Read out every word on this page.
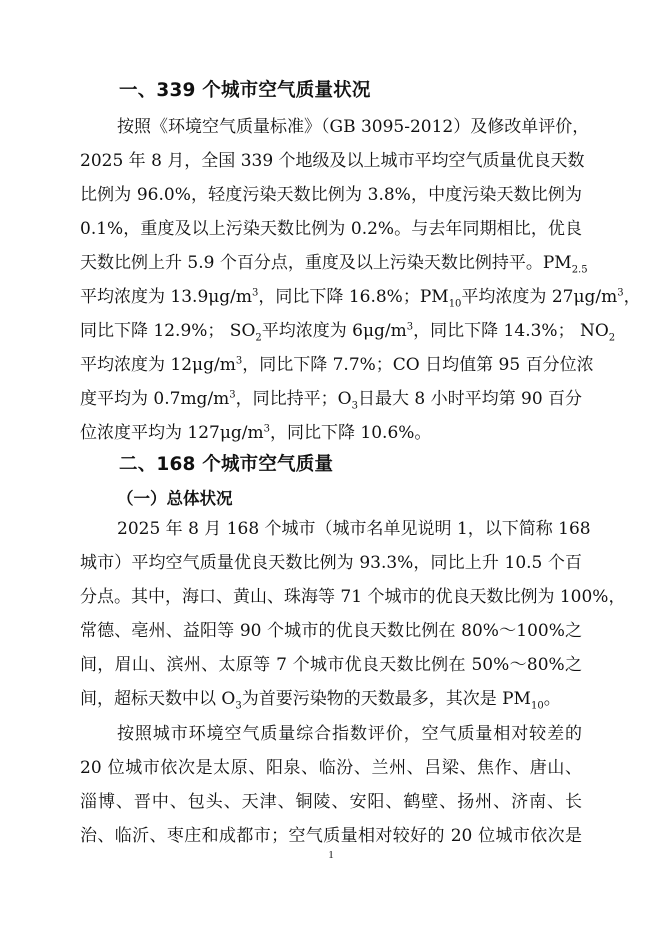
一、339 个城市空气质量状况
按照《环境空气质量标准》（GB 3095-2012）及修改单评价，
2025 年 8 月，全国 339 个地级及以上城市平均空气质量优良天数
比例为 96.0%，轻度污染天数比例为 3.8%，中度污染天数比例为
0.1%，重度及以上污染天数比例为 0.2%。与去年同期相比，优良
天数比例上升 5.9 个百分点，重度及以上污染天数比例持平。$PM_{2.5}$
平均浓度为 $13.9\mu g/m^3$，同比下降 16.8%；$PM_{10}$平均浓度为 $27\mu g/m^3$，
同比下降 12.9%； $SO_2$平均浓度为 $6\mu g/m^3$，同比下降 14.3%； $NO_2$
平均浓度为 $12\mu g/m^3$，同比下降 7.7%；CO 日均值第 95 百分位浓
度平均为 $0.7mg/m^3$，同比持平；$O_3$日最大 8 小时平均第 90 百分
位浓度平均为 $127\mu g/m^3$，同比下降 10.6%。
二、168 个城市空气质量
（一）总体状况
2025 年 8 月 168 个城市（城市名单见说明 1，以下简称 168
城市）平均空气质量优良天数比例为 93.3%，同比上升 10.5 个百
分点。其中，海口、黄山、珠海等 71 个城市的优良天数比例为 100%，
常德、亳州、益阳等 90 个城市的优良天数比例在 80%～100%之
间，眉山、滨州、太原等 7 个城市优良天数比例在 50%～80%之
间，超标天数中以 $O_3$为首要污染物的天数最多，其次是 $PM_{10}$。
按照城市环境空气质量综合指数评价，空气质量相对较差的
20 位城市依次是太原、阳泉、临汾、兰州、吕梁、焦作、唐山、
淄博、晋中、包头、天津、铜陵、安阳、鹤壁、扬州、济南、长
治、临沂、枣庄和成都市；空气质量相对较好的 20 位城市依次是
1
